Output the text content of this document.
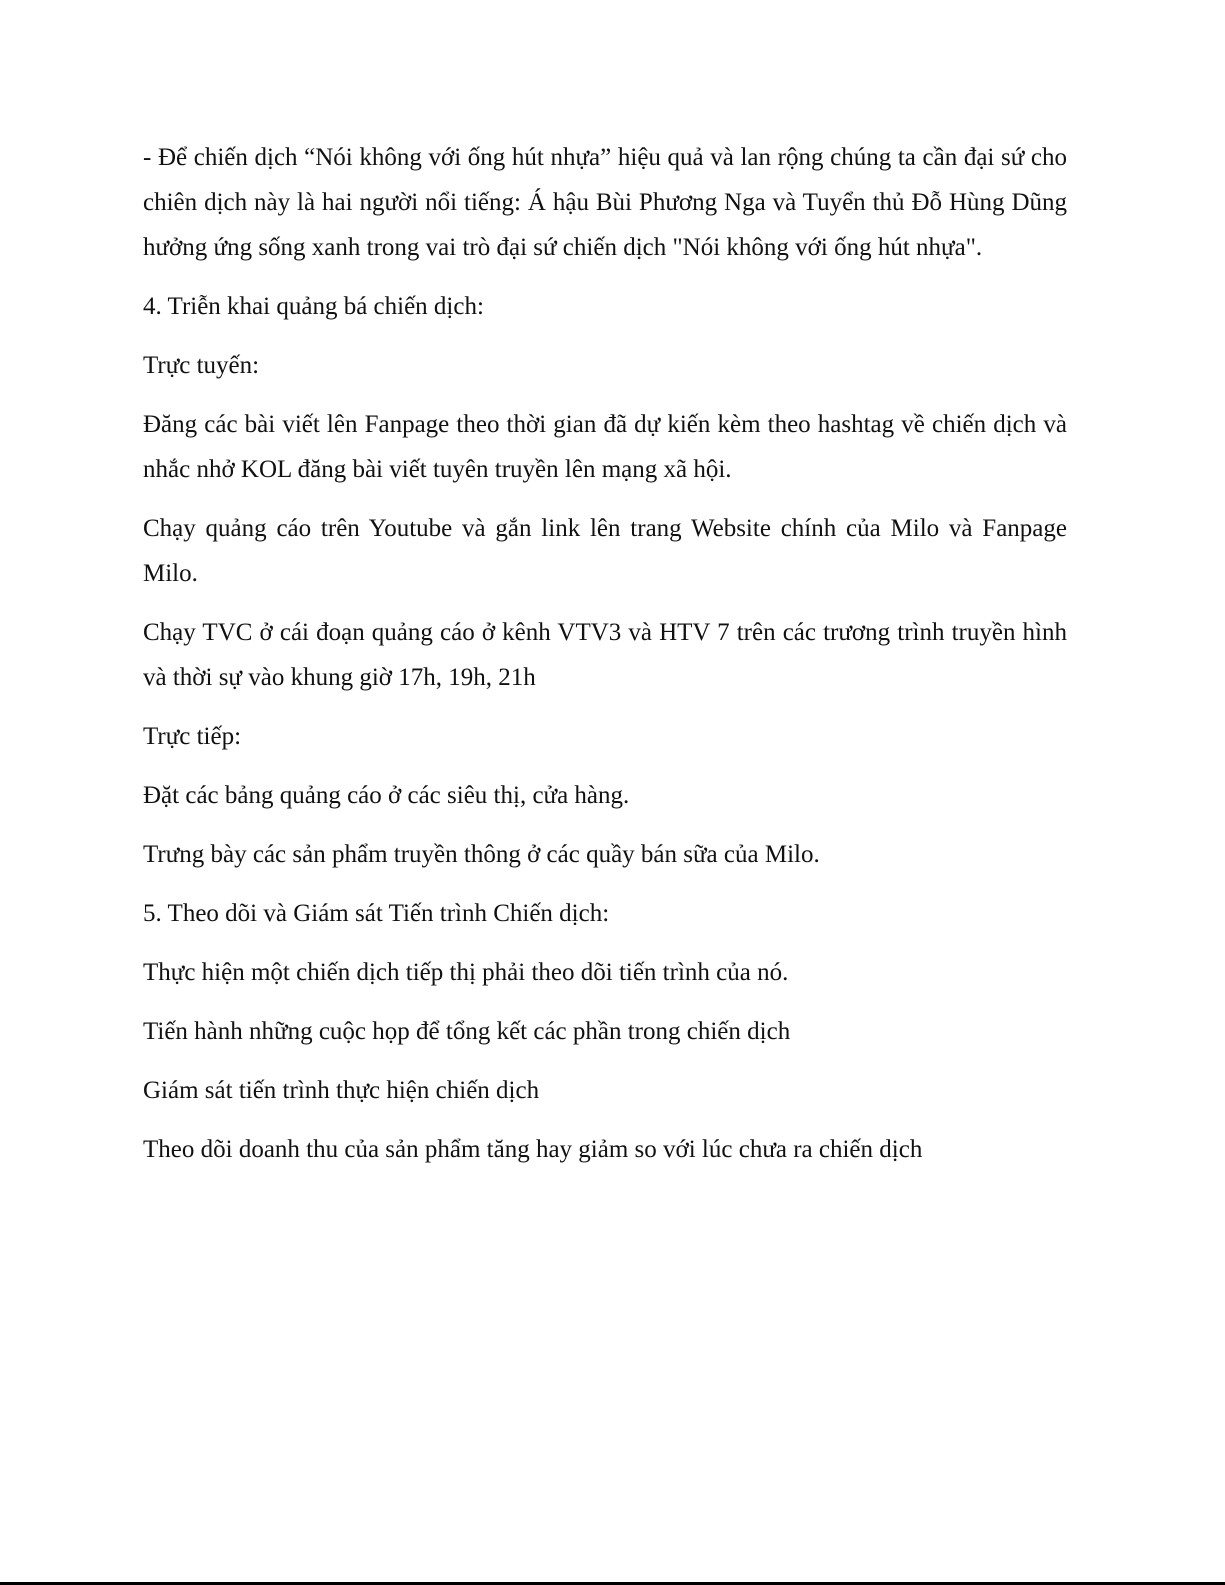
- Để chiến dịch “Nói không với ống hút nhựa” hiệu quả và lan rộng chúng ta cần đại sứ cho chiên dịch này là hai người nổi tiếng: Á hậu Bùi Phương Nga và Tuyển thủ Đỗ Hùng Dũng hưởng ứng sống xanh trong vai trò đại sứ chiến dịch "Nói không với ống hút nhựa".

4. Triễn khai quảng bá chiến dịch:

Trực tuyến:

Đăng các bài viết lên Fanpage theo thời gian đã dự kiến kèm theo hashtag về chiến dịch và nhắc nhở KOL đăng bài viết tuyên truyền lên mạng xã hội.

Chạy quảng cáo trên Youtube và gắn link lên trang Website chính của Milo và Fanpage Milo.

Chạy TVC ở cái đoạn quảng cáo ở kênh VTV3 và HTV 7 trên các trương trình truyền hình và thời sự vào khung giờ 17h, 19h, 21h

Trực tiếp:

Đặt các bảng quảng cáo ở các siêu thị, cửa hàng.

Trưng bày các sản phẩm truyền thông ở các quầy bán sữa của Milo.

5. Theo dõi và Giám sát Tiến trình Chiến dịch:

Thực hiện một chiến dịch tiếp thị phải theo dõi tiến trình của nó.

Tiến hành những cuộc họp để tổng kết các phần trong chiến dịch

Giám sát tiến trình thực hiện chiến dịch

Theo dõi doanh thu của sản phẩm tăng hay giảm so với lúc chưa ra chiến dịch
